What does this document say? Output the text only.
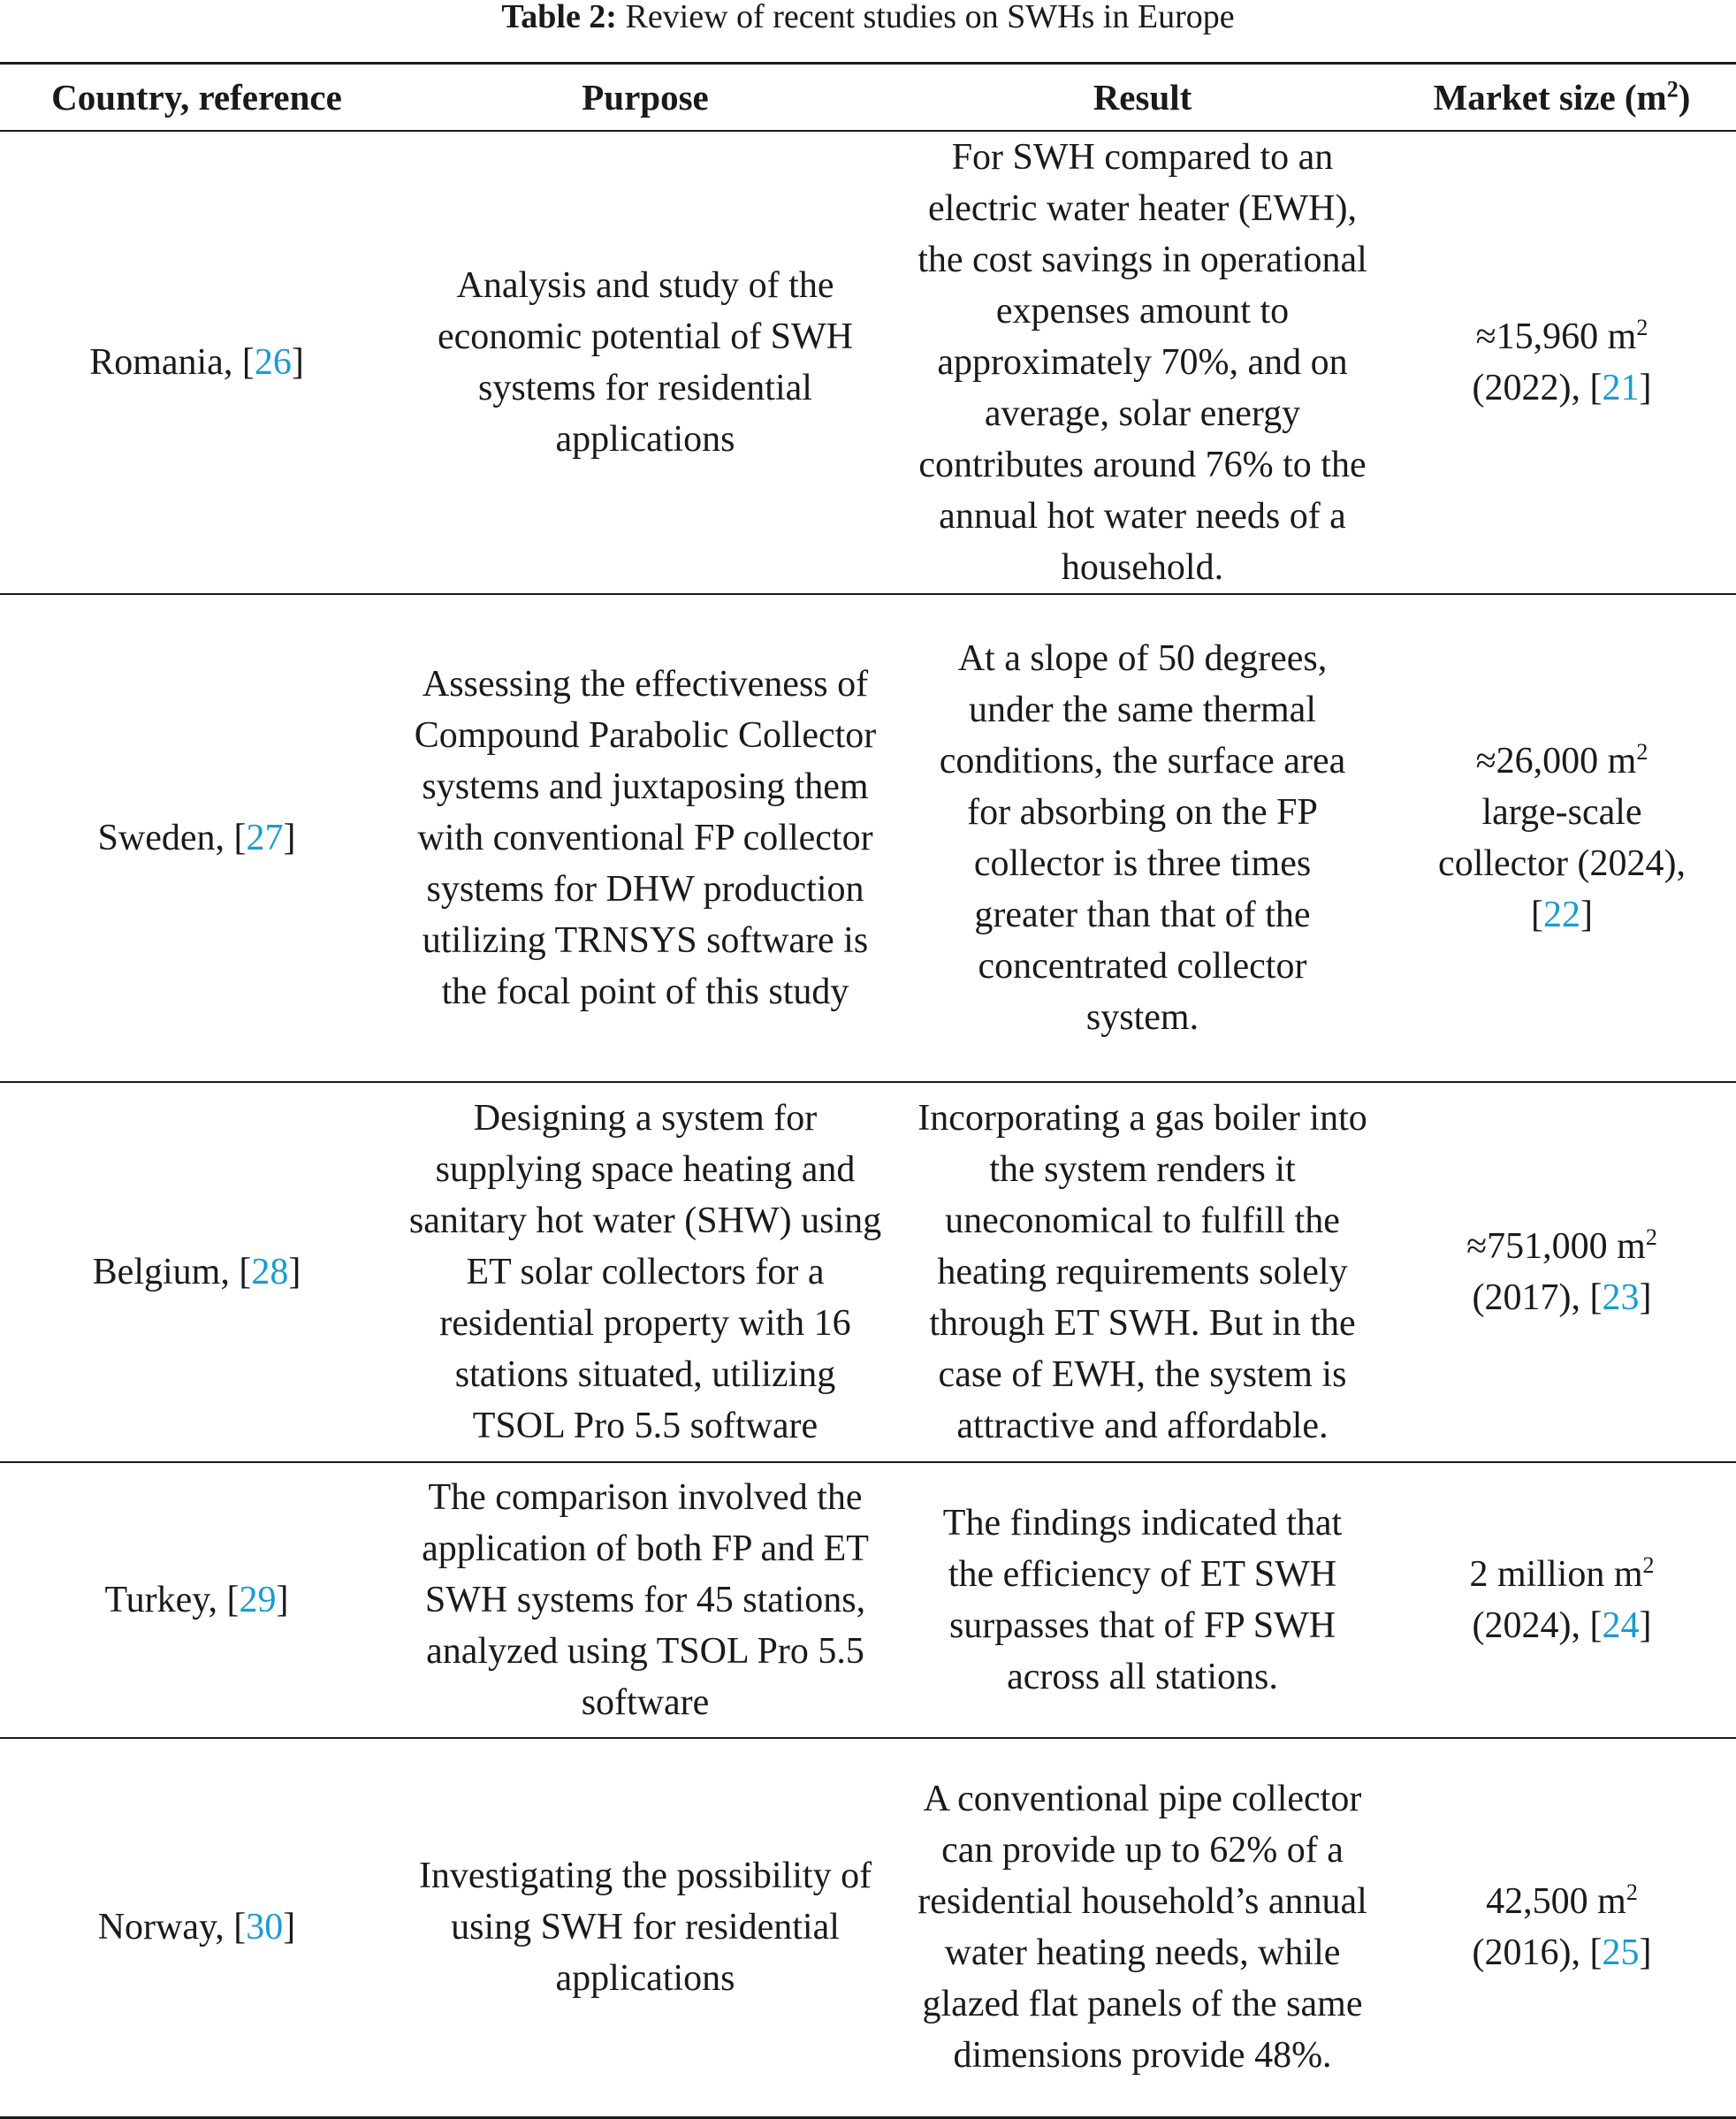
Table 2: Review of recent studies on SWHs in Europe
Country, reference	Purpose	Result	Market size $(m^2)$
Romania, [26]	Analysis and study of the economic potential of SWH systems for residential applications	For SWH compared to an electric water heater (EWH), the cost savings in operational expenses amount to approximately 70%, and on average, solar energy contributes around 76% to the annual hot water needs of a household.	≈15,960 $m^2$
(2022), [21]
Sweden, [27]	Assessing the effectiveness of Compound Parabolic Collector systems and juxtaposing them with conventional FP collector systems for DHW production utilizing TRNSYS software is the focal point of this study	At a slope of 50 degrees, under the same thermal conditions, the surface area for absorbing on the FP collector is three times greater than that of the concentrated collector system.	≈26,000 $m^2$
large-scale collector (2024), [22]
Belgium, [28]	Designing a system for supplying space heating and sanitary hot water (SHW) using ET solar collectors for a residential property with 16 stations situated, utilizing TSOL Pro 5.5 software	Incorporating a gas boiler into the system renders it uneconomical to fulfill the heating requirements solely through ET SWH. But in the case of EWH, the system is attractive and affordable.	≈751,000 $m^2$
(2017), [23]
Turkey, [29]	The comparison involved the application of both FP and ET SWH systems for 45 stations, analyzed using TSOL Pro 5.5 software	The findings indicated that the efficiency of ET SWH surpasses that of FP SWH across all stations.	2 million $m^2$
(2024), [24]
Norway, [30]	Investigating the possibility of using SWH for residential applications	A conventional pipe collector can provide up to 62% of a residential household’s annual water heating needs, while glazed flat panels of the same dimensions provide 48%.	42,500 $m^2$
(2016), [25]
